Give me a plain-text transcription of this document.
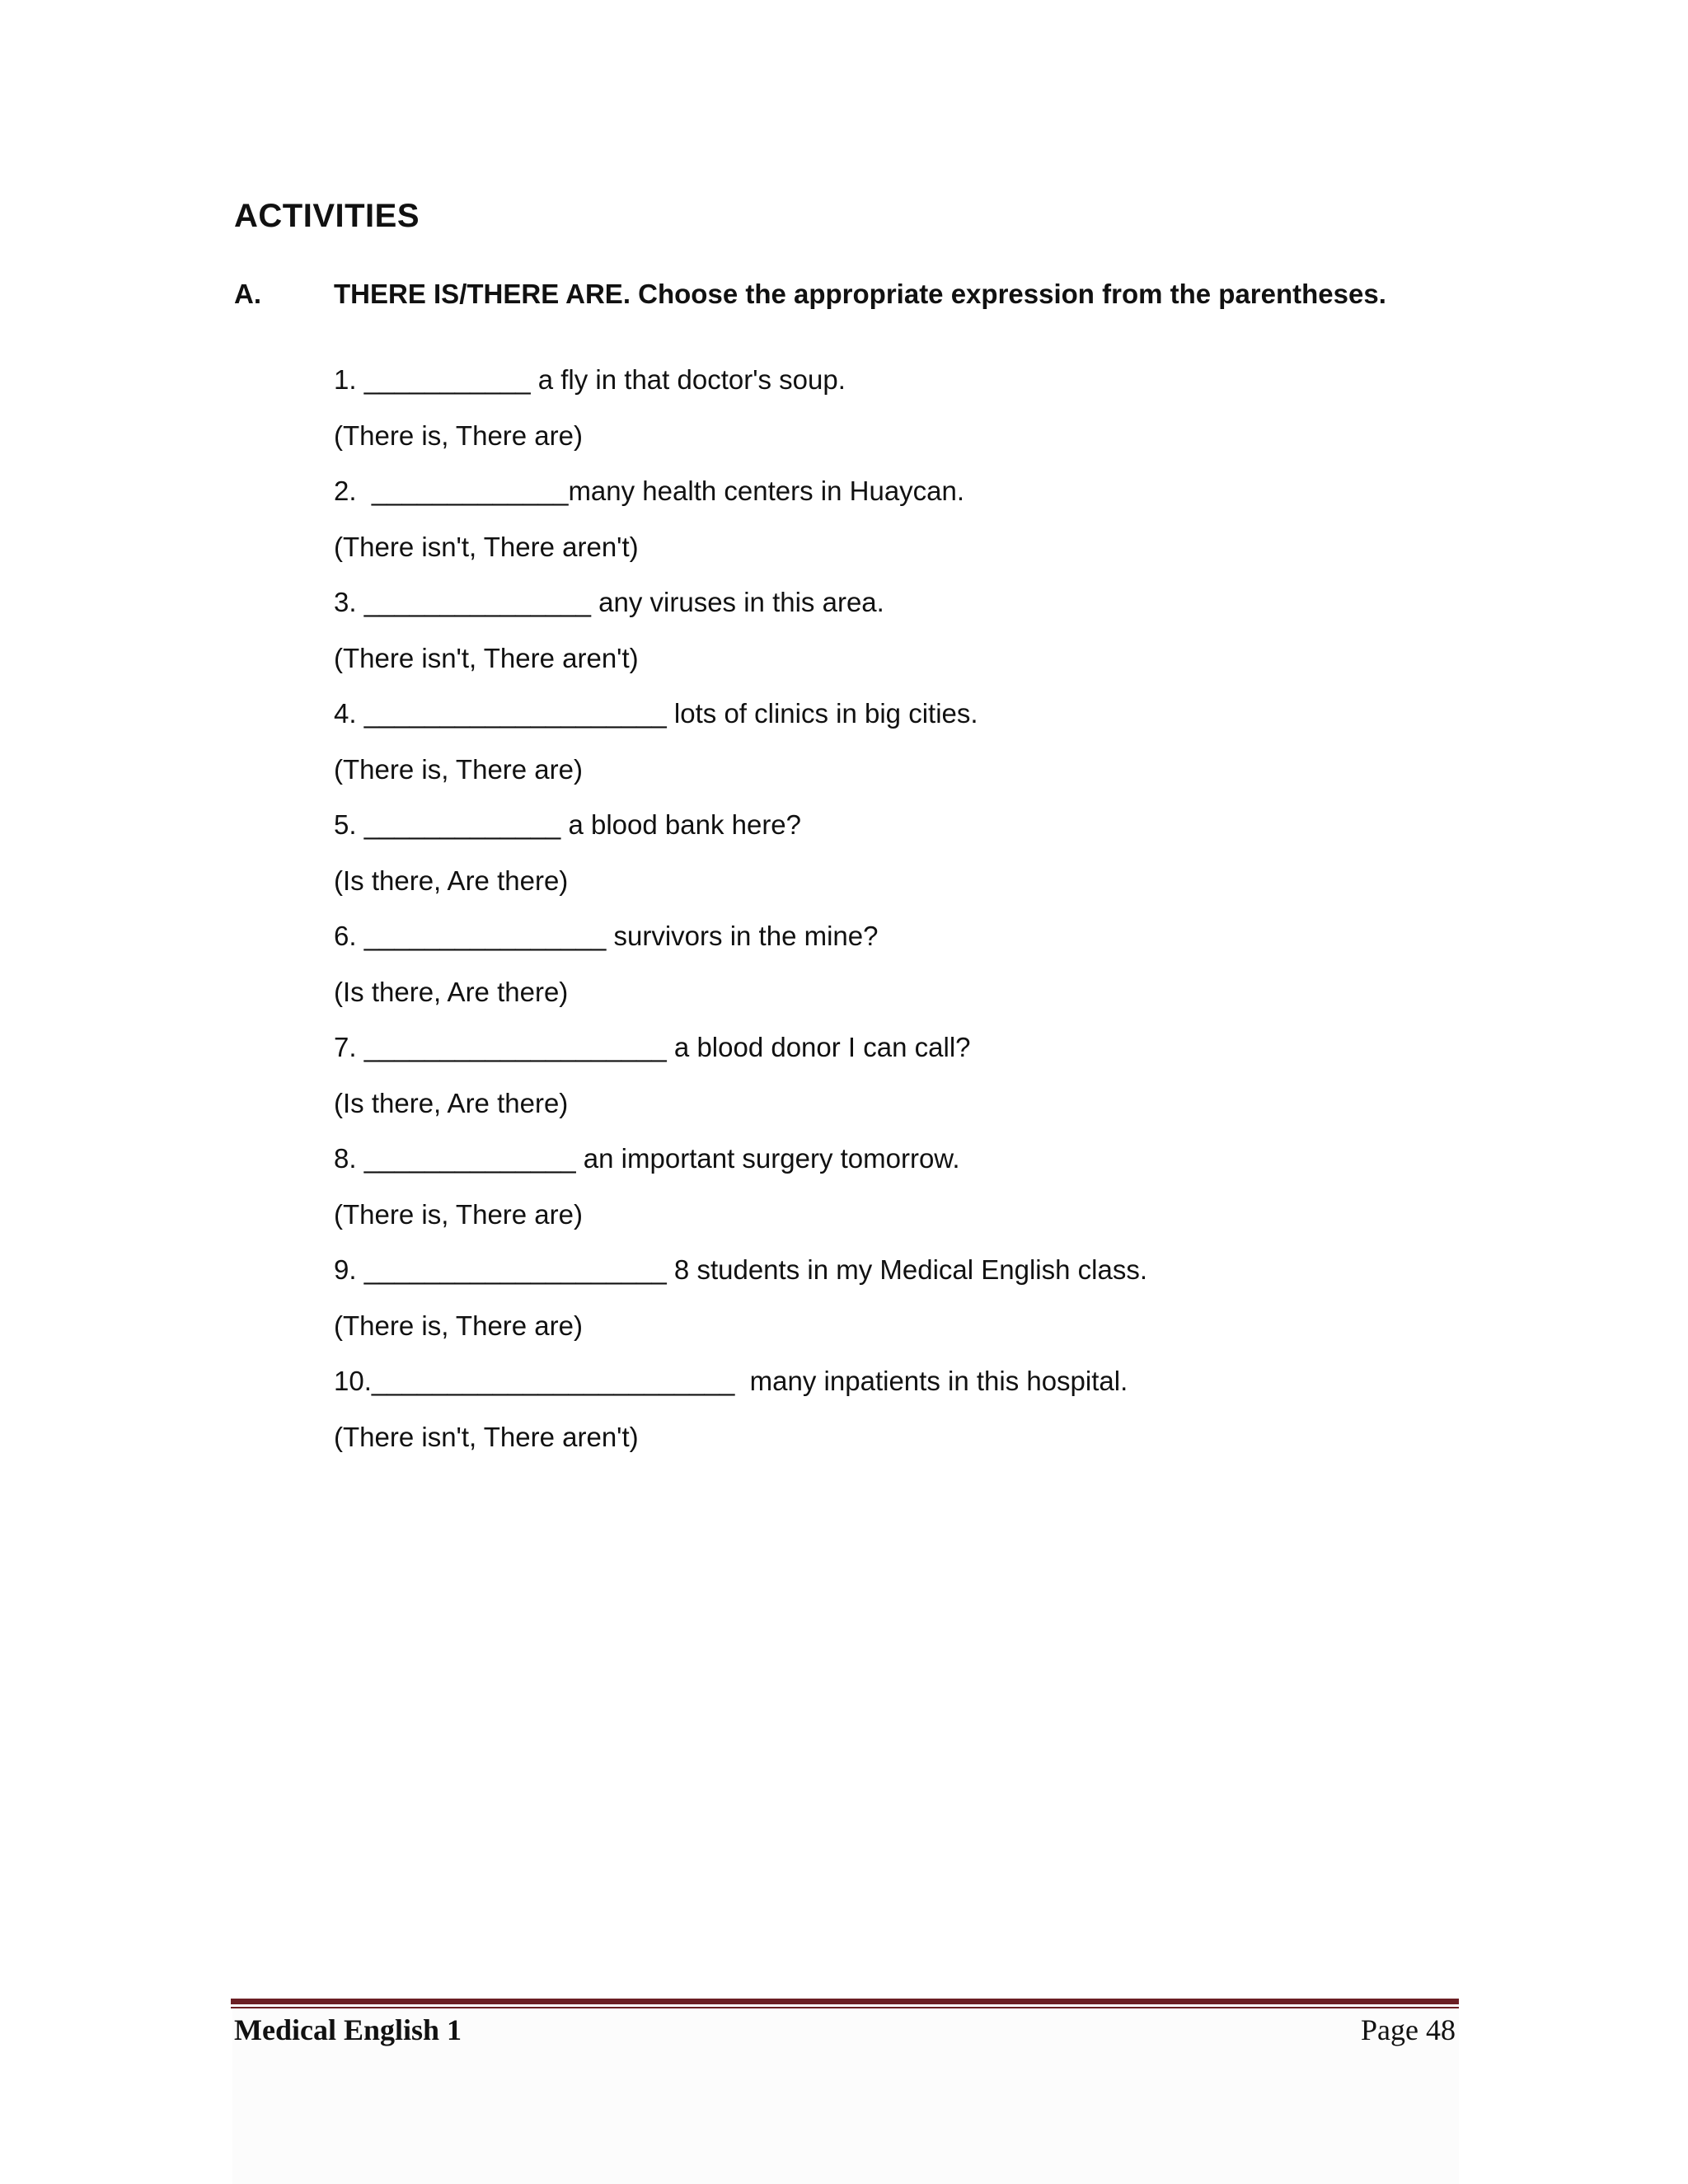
ACTIVITIES
A.	THERE IS/THERE ARE. Choose the appropriate expression from the parentheses.
1. ___________ a fly in that doctor's soup.
(There is, There are)
2.  _____________many health centers in Huaycan.
(There isn't, There aren't)
3. _______________ any viruses in this area.
(There isn't, There aren't)
4. ____________________ lots of clinics in big cities.
(There is, There are)
5. _____________ a blood bank here?
(Is there, Are there)
6. ________________ survivors in the mine?
(Is there, Are there)
7. ____________________ a blood donor I can call?
(Is there, Are there)
8. ______________ an important surgery tomorrow.
(There is, There are)
9. ____________________ 8 students in my Medical English class.
(There is, There are)
10.________________________  many inpatients in this hospital.
(There isn't, There aren't)
Medical English 1	Page 48
